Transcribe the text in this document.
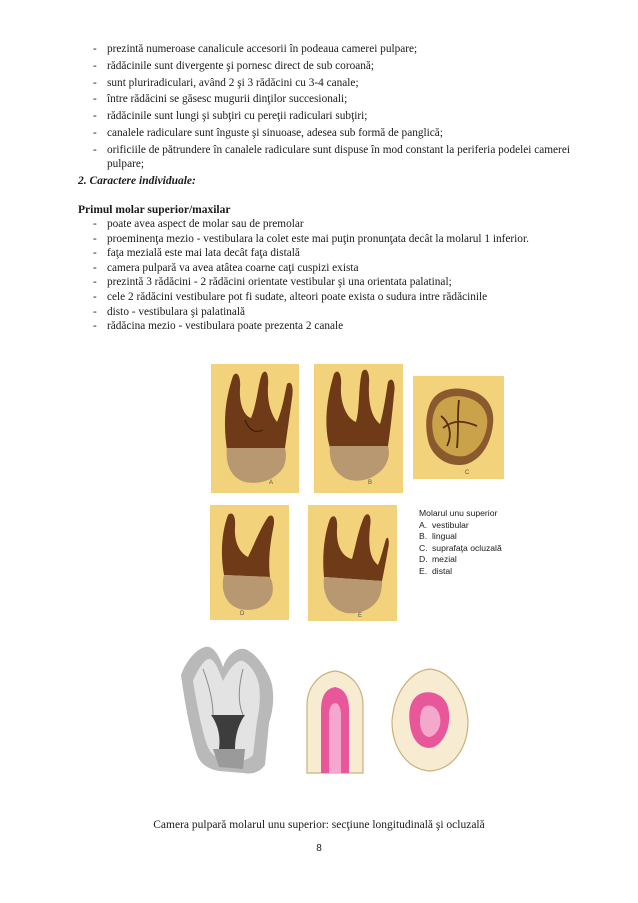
- prezintă numeroase canalicule accesorii în podeaua camerei pulpare;
- rădăcinile sunt divergente şi pornesc direct de sub coroană;
- sunt pluriradiculari, având 2 şi 3 rădăcini cu 3-4 canale;
- între rădăcini se găsesc mugurii dinţilor succesionali;
- rădăcinile sunt lungi şi subţiri cu pereţii radiculari subţiri;
- canalele radiculare sunt înguste şi sinuoase, adesea sub formă de panglică;
- orificiile de pătrundere în canalele radiculare sunt dispuse în mod constant la periferia podelei camerei pulpare;
2. Caractere individuale:
Primul molar superior/maxilar
- poate avea aspect de molar sau de premolar
- proeminenţa mezio - vestibulara la colet este mai puţin pronunţata decât la molarul 1 inferior.
- faţa mezială este mai lata decât faţa distală
- camera pulpară va avea atâtea coarne caţi cuspizi exista
- prezintă 3 rădăcini - 2 rădăcini orientate vestibular şi una orientata palatinal;
- cele 2 rădăcini vestibulare pot fi sudate, alteori poate exista o sudura intre rădăcinile
- disto - vestibulara şi palatinală
- rădăcina mezio - vestibulara poate prezenta 2 canale
A	B
C
D	E
Molarul unu superior
A. vestibular
B. lingual
C. suprafaţa ocluzală
D. mezial
E. distal
Camera pulpară molarul unu superior: secţiune longitudinală şi ocluzală
8
